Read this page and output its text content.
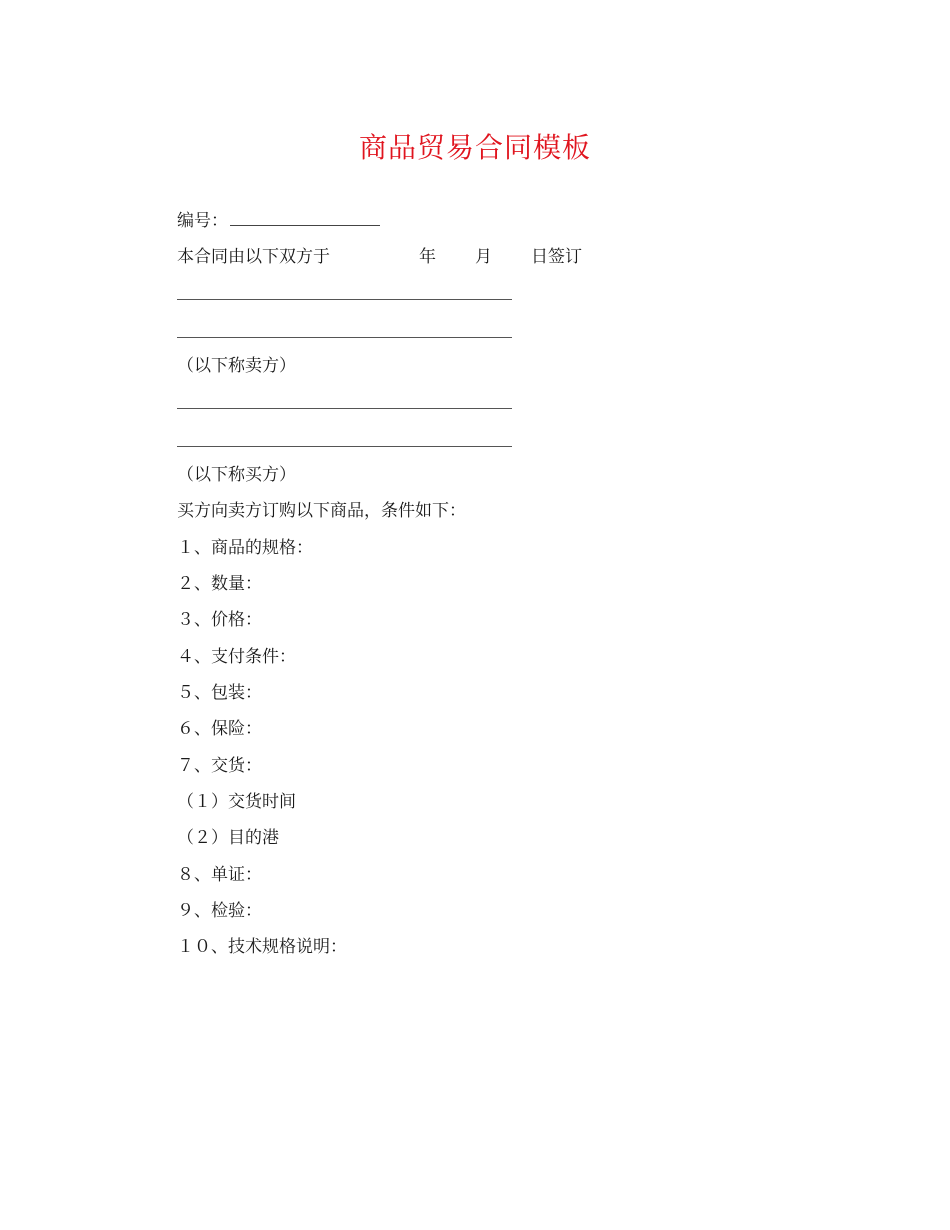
商品贸易合同模板
编号：
本合同由以下双方于	年 月 日签订
（以下称卖方）
（以下称买方）
买方向卖方订购以下商品，条件如下：
１、商品的规格：
２、数量：
３、价格：
４、支付条件：
５、包装：
６、保险：
７、交货：
（１）交货时间
（２）目的港
８、单证：
９、检验：
１０、技术规格说明：
